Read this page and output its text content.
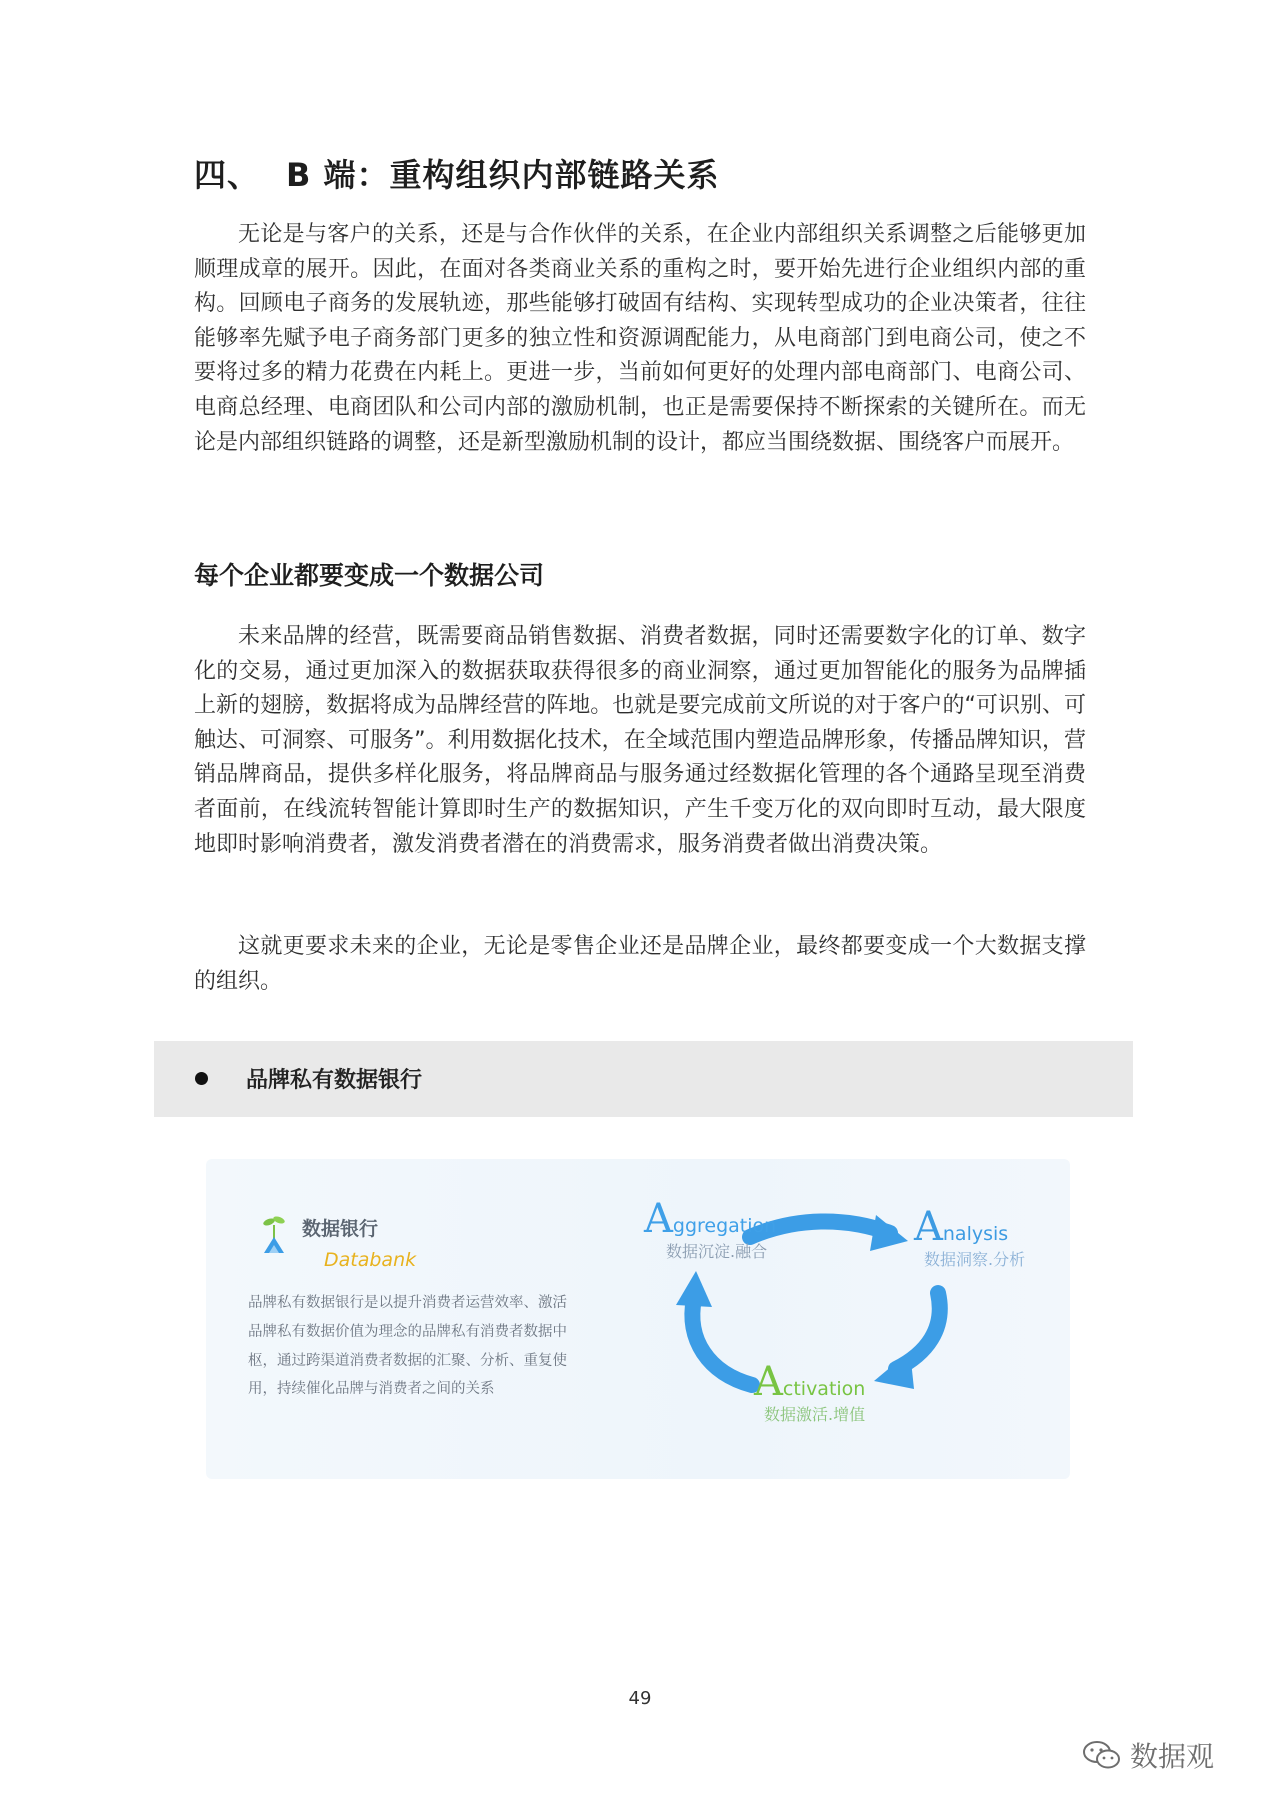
四、 B 端：重构组织内部链路关系

无论是与客户的关系，还是与合作伙伴的关系，在企业内部组织关系调整之后能够更加顺理成章的展开。因此，在面对各类商业关系的重构之时，要开始先进行企业组织内部的重构。回顾电子商务的发展轨迹，那些能够打破固有结构、实现转型成功的企业决策者，往往能够率先赋予电子商务部门更多的独立性和资源调配能力，从电商部门到电商公司，使之不要将过多的精力花费在内耗上。更进一步，当前如何更好的处理内部电商部门、电商公司、电商总经理、电商团队和公司内部的激励机制，也正是需要保持不断探索的关键所在。而无论是内部组织链路的调整，还是新型激励机制的设计，都应当围绕数据、围绕客户而展开。

每个企业都要变成一个数据公司

未来品牌的经营，既需要商品销售数据、消费者数据，同时还需要数字化的订单、数字化的交易，通过更加深入的数据获取获得很多的商业洞察，通过更加智能化的服务为品牌插上新的翅膀，数据将成为品牌经营的阵地。也就是要完成前文所说的对于客户的“可识别、可触达、可洞察、可服务”。利用数据化技术，在全域范围内塑造品牌形象，传播品牌知识，营销品牌商品，提供多样化服务，将品牌商品与服务通过经数据化管理的各个通路呈现至消费者面前，在线流转智能计算即时生产的数据知识，产生千变万化的双向即时互动，最大限度地即时影响消费者，激发消费者潜在的消费需求，服务消费者做出消费决策。

这就更要求未来的企业，无论是零售企业还是品牌企业，最终都要变成一个大数据支撑的组织。

品牌私有数据银行
数据银行
Databank

品牌私有数据银行是以提升消费者运营效率、激活品牌私有数据价值为理念的品牌私有消费者数据中枢，通过跨渠道消费者数据的汇聚、分析、重复使用，持续催化品牌与消费者之间的关系

Aggregation
数据沉淀.融合
Analysis
数据洞察.分析
Activation
数据激活.增值
49
数据观
